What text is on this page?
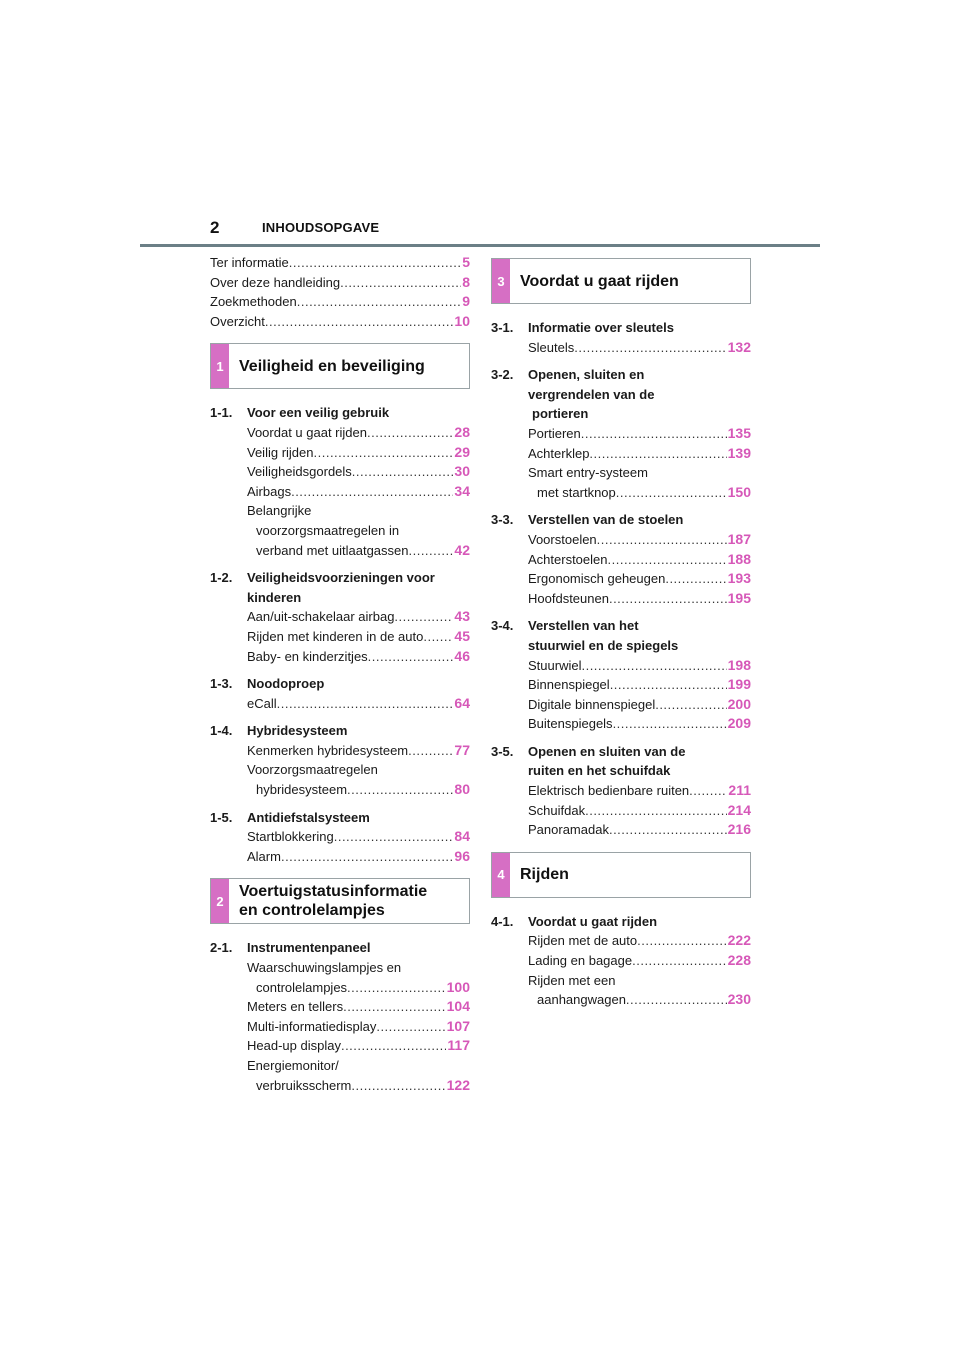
2	INHOUDSOPGAVE
Ter informatie .....	5
Over deze handleiding .....	8
Zoekmethoden .....	9
Overzicht .....	10
1 Veiligheid en beveiliging
1-1.	Voor een veilig gebruik
Voordat u gaat rijden .....	28
Veilig rijden .....	29
Veiligheidsgordels .....	30
Airbags .....	34
Belangrijke
voorzorgsmaatregelen in
verband met uitlaatgassen .....	42
1-2.	Veiligheidsvoorzieningen voor
kinderen
Aan/uit-schakelaar airbag .....	43
Rijden met kinderen in de auto ..... 45
Baby- en kinderzitjes .....	46
1-3.	Noodoproep
eCall .....	64
1-4.	Hybridesysteem
Kenmerken hybridesysteem .....	77
Voorzorgsmaatregelen
hybridesysteem .....	80
1-5.	Antidiefstalsysteem
Startblokkering .....	84
Alarm .....	96
2
Voertuigstatusinformatie
en controlelampjes
2-1.	Instrumentenpaneel
Waarschuwingslampjes en
controlelampjes .....	100
Meters en tellers .....	104
Multi-informatiedisplay .....	107
Head-up display .....	117
Energiemonitor/
verbruiksscherm .....	122
3 Voordat u gaat rijden
3-1.	Informatie over sleutels
Sleutels .....	132
3-2.	Openen, sluiten en
vergrendelen van de
portieren
Portieren .....	135
Achterklep .....	139
Smart entry-systeem
met startknop .....	150
3-3.	Verstellen van de stoelen
Voorstoelen .....	187
Achterstoelen .....	188
Ergonomisch geheugen .....	193
Hoofdsteunen .....	195
3-4.	Verstellen van het
stuurwiel en de spiegels
Stuurwiel .....	198
Binnenspiegel .....	199
Digitale binnenspiegel .....	200
Buitenspiegels .....	209
3-5.	Openen en sluiten van de
ruiten en het schuifdak
Elektrisch bedienbare ruiten .....	211
Schuifdak .....	214
Panoramadak .....	216
4 Rijden
4-1.	Voordat u gaat rijden
Rijden met de auto .....	222
Lading en bagage .....	228
Rijden met een
aanhangwagen .....	230
